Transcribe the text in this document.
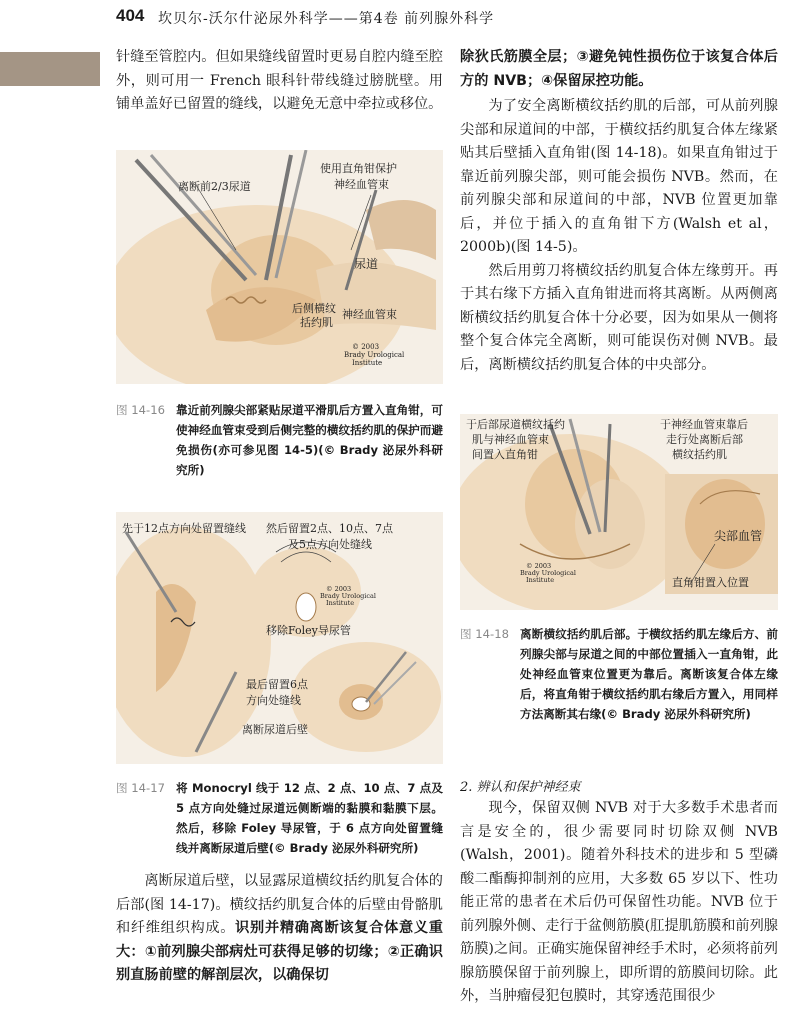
404 坎贝尔-沃尔什泌尿外科学——第4卷 前列腺外科学

针缝至管腔内。但如果缝线留置时更易自腔内缝至腔外，则可用一 French 眼科针带线缝过膀胱壁。用铺单盖好已留置的缝线，以避免无意中牵拉或移位。

离断前2/3尿道
使用直角钳保护
神经血管束
尿道
后侧横纹
括约肌
神经血管束
© 2003
Brady Urological
Institute
图 14-16 靠近前列腺尖部紧贴尿道平滑肌后方置入直角钳，可使神经血管束受到后侧完整的横纹括约肌的保护而避免损伤(亦可参见图 14-5)(© Brady 泌尿外科研究所)
先于12点方向处留置缝线 然后留置2点、10点、7点
及5点方向处缝线
移除Foley导尿管
最后留置6点
方向处缝线
离断尿道后壁
© 2003
Brady Urological
Institute
图 14-17 将 Monocryl 线于 12 点、2 点、10 点、7 点及 5 点方向处缝过尿道远侧断端的黏膜和黏膜下层。然后，移除 Foley 导尿管，于 6 点方向处留置缝线并离断尿道后壁(© Brady 泌尿外科研究所)

离断尿道后壁，以显露尿道横纹括约肌复合体的后部(图 14-17)。横纹括约肌复合体的后壁由骨骼肌和纤维组织构成。识别并精确离断该复合体意义重大：①前列腺尖部病灶可获得足够的切缘；②正确识别直肠前壁的解剖层次，以确保切

除狄氏筋膜全层；③避免钝性损伤位于该复合体后方的 NVB；④保留尿控功能。

为了安全离断横纹括约肌的后部，可从前列腺尖部和尿道间的中部，于横纹括约肌复合体左缘紧贴其后壁插入直角钳(图 14-18)。如果直角钳过于靠近前列腺尖部，则可能会损伤 NVB。然而，在前列腺尖部和尿道间的中部，NVB 位置更加靠后，并位于插入的直角钳下方(Walsh et al，2000b)(图 14-5)。

然后用剪刀将横纹括约肌复合体左缘剪开。再于其右缘下方插入直角钳进而将其离断。从两侧离断横纹括约肌复合体十分必要，因为如果从一侧将整个复合体完全离断，则可能误伤对侧 NVB。最后，离断横纹括约肌复合体的中央部分。

于后部尿道横纹括约
肌与神经血管束
间置入直角钳
于神经血管束靠后
走行处离断后部
横纹括约肌
尖部血管
直角钳置入位置
© 2003
Brady Urological
Institute
图 14-18 离断横纹括约肌后部。于横纹括约肌左缘后方、前列腺尖部与尿道之间的中部位置插入一直角钳，此处神经血管束位置更为靠后。离断该复合体左缘后，将直角钳于横纹括约肌右缘后方置入，用同样方法离断其右缘(© Brady 泌尿外科研究所)
2. 辨认和保护神经束

现今，保留双侧 NVB 对于大多数手术患者而言是安全的，很少需要同时切除双侧 NVB (Walsh，2001)。随着外科技术的进步和 5 型磷酸二酯酶抑制剂的应用，大多数 65 岁以下、性功能正常的患者在术后仍可保留性功能。NVB 位于前列腺外侧、走行于盆侧筋膜(肛提肌筋膜和前列腺筋膜)之间。正确实施保留神经手术时，必须将前列腺筋膜保留于前列腺上，即所谓的筋膜间切除。此外，当肿瘤侵犯包膜时，其穿透范围很少
